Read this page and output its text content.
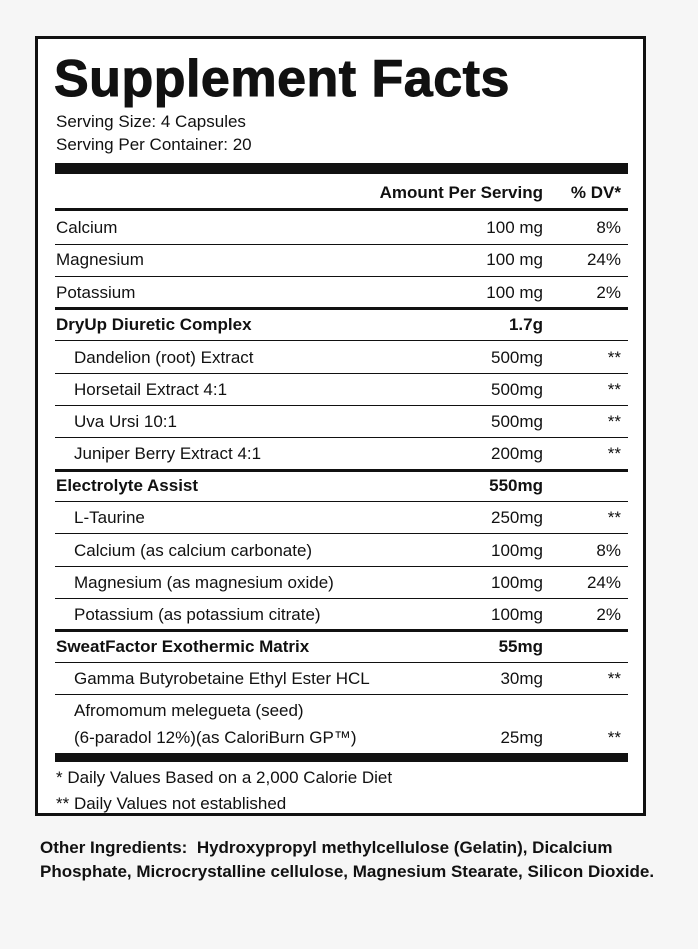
Supplement Facts
Serving Size: 4 Capsules
Serving Per Container: 20
Amount Per Serving % DV*
Calcium	100 mg	8%
Magnesium	100 mg	24%
Potassium	100 mg	2%
DryUp Diuretic Complex	1.7g
Dandelion (root) Extract	500mg	**
Horsetail Extract 4:1	500mg	**
Uva Ursi 10:1	500mg	**
Juniper Berry Extract 4:1	200mg	**
Electrolyte Assist	550mg
L-Taurine	250mg	**
Calcium (as calcium carbonate)	100mg	8%
Magnesium (as magnesium oxide)	100mg	24%
Potassium (as potassium citrate)	100mg	2%
SweatFactor Exothermic Matrix	55mg
Gamma Butyrobetaine Ethyl Ester HCL	30mg	**
Afromomum melegueta (seed)
(6-paradol 12%)(as CaloriBurn GP™)	25mg	**
* Daily Values Based on a 2,000 Calorie Diet
** Daily Values not established
Other Ingredients: Hydroxypropyl methylcellulose (Gelatin), Dicalcium Phosphate, Microcrystalline cellulose, Magnesium Stearate, Silicon Dioxide.
